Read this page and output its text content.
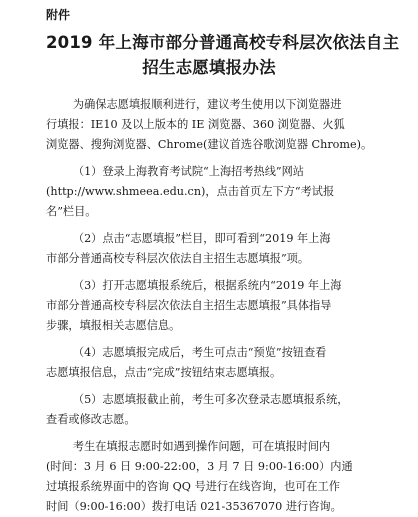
附件
2019 年上海市部分普通高校专科层次依法自主
招生志愿填报办法
为确保志愿填报顺利进行，建议考生使用以下浏览器进
行填报：IE10 及以上版本的 IE 浏览器、360 浏览器、火狐
浏览器、搜狗浏览器、Chrome(建议首选谷歌浏览器 Chrome)。
（1）登录上海教育考试院“上海招考热线”网站
(http://www.shmeea.edu.cn)，点击首页左下方“考试报
名”栏目。
（2）点击“志愿填报”栏目，即可看到“2019 年上海
市部分普通高校专科层次依法自主招生志愿填报”项。
（3）打开志愿填报系统后，根据系统内“2019 年上海
市部分普通高校专科层次依法自主招生志愿填报”具体指导
步骤，填报相关志愿信息。
（4）志愿填报完成后，考生可点击“预览”按钮查看
志愿填报信息，点击“完成”按钮结束志愿填报。
（5）志愿填报截止前，考生可多次登录志愿填报系统，
查看或修改志愿。
考生在填报志愿时如遇到操作问题，可在填报时间内
(时间：3 月 6 日 9:00-22:00，3 月 7 日 9:00-16:00）内通
过填报系统界面中的咨询 QQ 号进行在线咨询，也可在工作
时间（9:00-16:00）拨打电话 021-35367070 进行咨询。
